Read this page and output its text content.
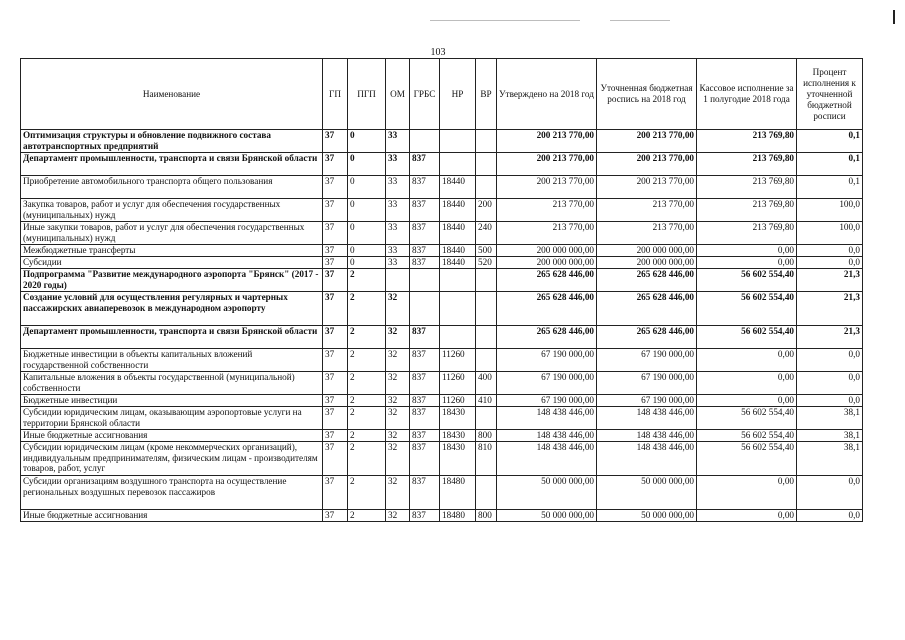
103
Наименование	ГП	ПГП	ОМ	ГРБС	НР	ВР	Утверждено на 2018 год	Уточненная бюджетная роспись на 2018 год	Кассовое исполнение за 1 полугодие 2018 года	Процент исполнения к уточненной бюджетной росписи
Оптимизация структуры и обновление подвижного состава автотранспортных предприятий	37	0	33				200 213 770,00	200 213 770,00	213 769,80	0,1
Департамент промышленности, транспорта и связи Брянской области	37	0	33	837			200 213 770,00	200 213 770,00	213 769,80	0,1
Приобретение автомобильного транспорта общего пользования	37	0	33	837	18440		200 213 770,00	200 213 770,00	213 769,80	0,1
Закупка товаров, работ и услуг для обеспечения государственных (муниципальных) нужд	37	0	33	837	18440	200	213 770,00	213 770,00	213 769,80	100,0
Иные закупки товаров, работ и услуг для обеспечения государственных (муниципальных) нужд	37	0	33	837	18440	240	213 770,00	213 770,00	213 769,80	100,0
Межбюджетные трансферты	37	0	33	837	18440	500	200 000 000,00	200 000 000,00	0,00	0,0
Субсидии	37	0	33	837	18440	520	200 000 000,00	200 000 000,00	0,00	0,0
Подпрограмма "Развитие международного аэропорта "Брянск" (2017 - 2020 годы)	37	2					265 628 446,00	265 628 446,00	56 602 554,40	21,3
Создание условий для осуществления регулярных и чартерных пассажирских авиаперевозок в международном аэропорту	37	2	32				265 628 446,00	265 628 446,00	56 602 554,40	21,3
Департамент промышленности, транспорта и связи Брянской области	37	2	32	837			265 628 446,00	265 628 446,00	56 602 554,40	21,3
Бюджетные инвестиции в объекты капитальных вложений государственной собственности	37	2	32	837	11260		67 190 000,00	67 190 000,00	0,00	0,0
Капитальные вложения в объекты государственной (муниципальной) собственности	37	2	32	837	11260	400	67 190 000,00	67 190 000,00	0,00	0,0
Бюджетные инвестиции	37	2	32	837	11260	410	67 190 000,00	67 190 000,00	0,00	0,0
Субсидии юридическим лицам, оказывающим аэропортовые услуги на территории Брянской области	37	2	32	837	18430		148 438 446,00	148 438 446,00	56 602 554,40	38,1
Иные бюджетные ассигнования	37	2	32	837	18430	800	148 438 446,00	148 438 446,00	56 602 554,40	38,1
Субсидии юридическим лицам (кроме некоммерческих организаций), индивидуальным предпринимателям, физическим лицам - производителям товаров, работ, услуг	37	2	32	837	18430	810	148 438 446,00	148 438 446,00	56 602 554,40	38,1
Субсидии организациям воздушного транспорта на осуществление региональных воздушных перевозок пассажиров	37	2	32	837	18480		50 000 000,00	50 000 000,00	0,00	0,0
Иные бюджетные ассигнования	37	2	32	837	18480	800	50 000 000,00	50 000 000,00	0,00	0,0
